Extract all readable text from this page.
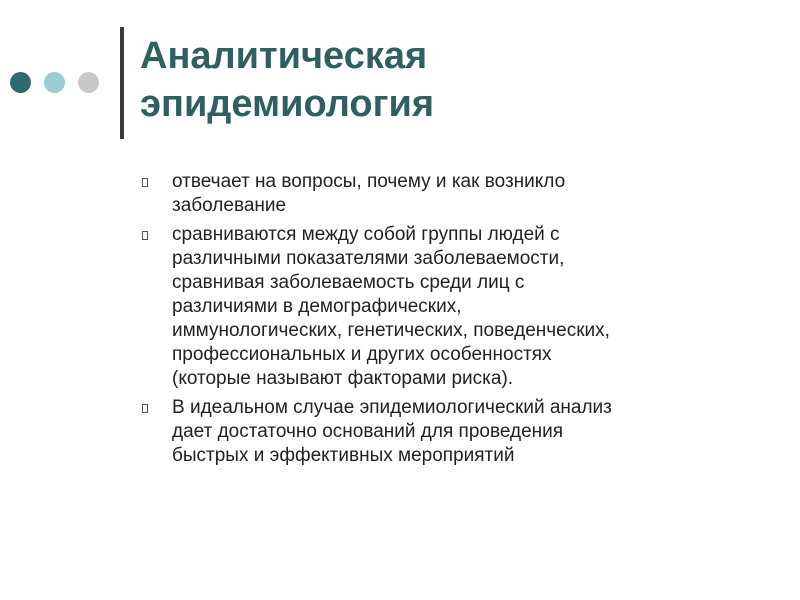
Аналитическая
эпидемиология
отвечает на вопросы, почему и как возникло
заболевание
сравниваются между собой группы людей с
различными показателями заболеваемости,
сравнивая заболеваемость среди лиц с
различиями в демографических,
иммунологических, генетических, поведенческих,
профессиональных и других особенностях
(которые называют факторами риска).
В идеальном случае эпидемиологический анализ
дает достаточно оснований для проведения
быстрых и эффективных мероприятий
